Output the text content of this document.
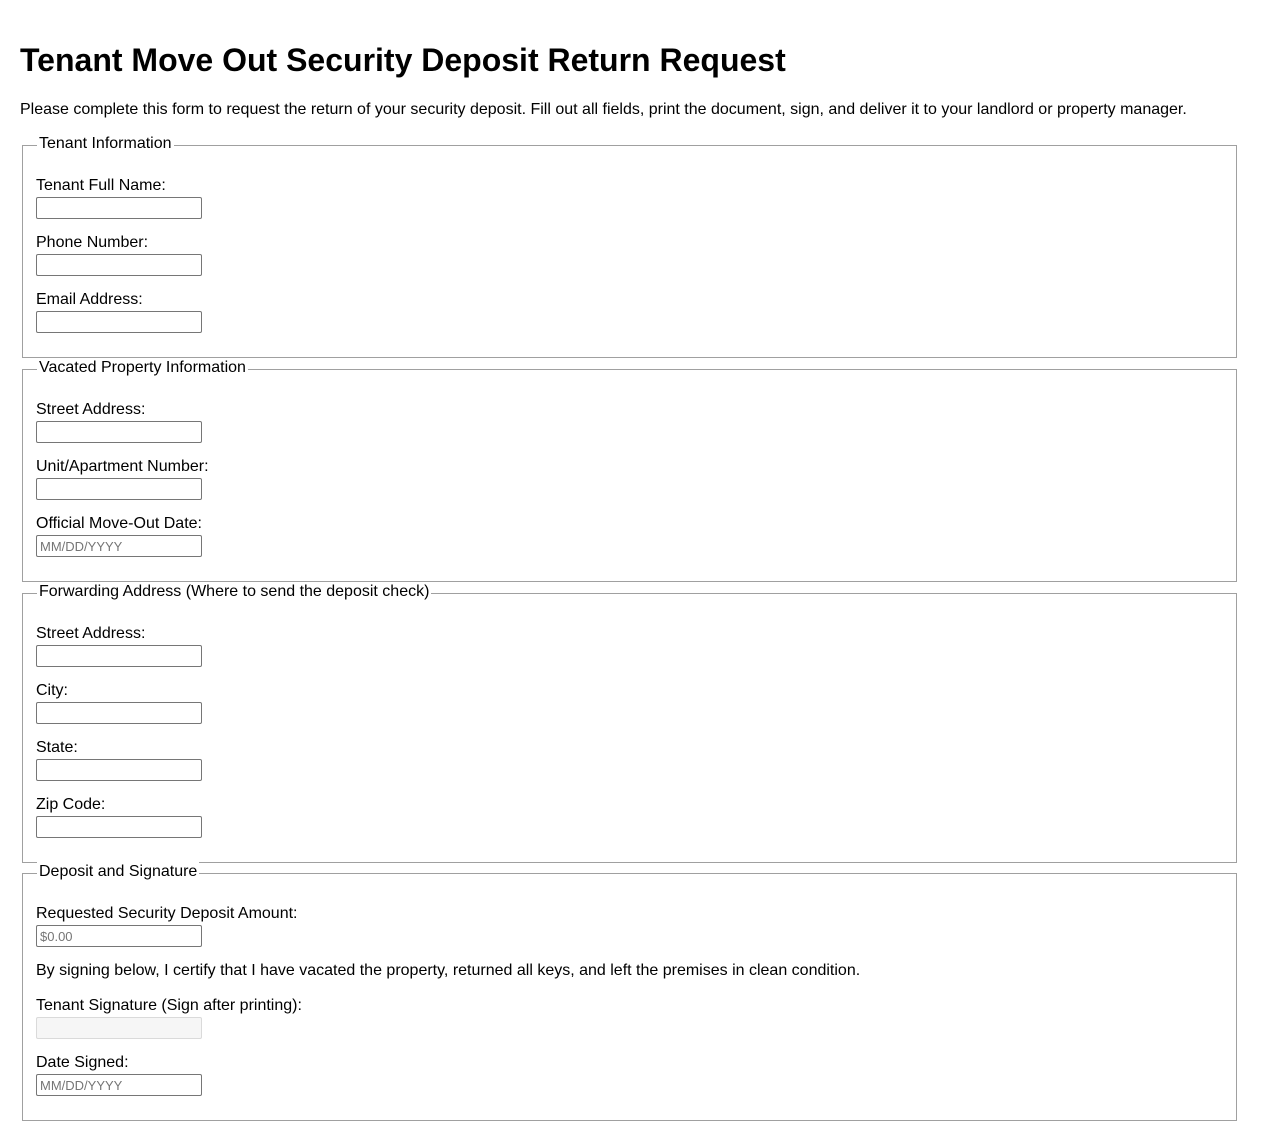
Tenant Move Out Security Deposit Return Request

Please complete this form to request the return of your security deposit. Fill out all fields, print the document, sign, and deliver it to your landlord or property manager.

Tenant Information
Tenant Full Name:
Phone Number:
Email Address:
Vacated Property Information
Street Address:
Unit/Apartment Number:
Official Move-Out Date:
MM/DD/YYYY
Forwarding Address (Where to send the deposit check)
Street Address:
City:
State:
Zip Code:
Deposit and Signature
Requested Security Deposit Amount:
$0.00

By signing below, I certify that I have vacated the property, returned all keys, and left the premises in clean condition.

Tenant Signature (Sign after printing):
Date Signed:
MM/DD/YYYY
